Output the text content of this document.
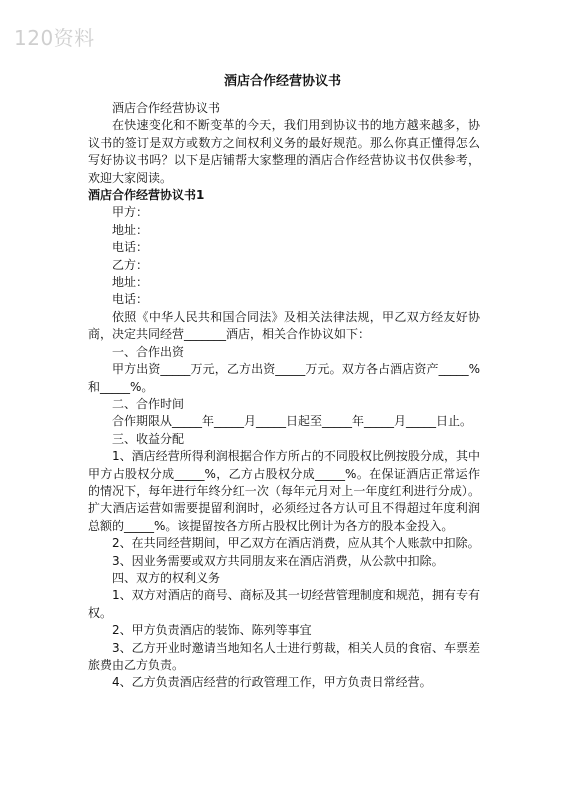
120资料
酒店合作经营协议书

酒店合作经营协议书

在快速变化和不断变革的今天，我们用到协议书的地方越来越多，协议书的签订是双方或数方之间权利义务的最好规范。那么你真正懂得怎么写好协议书吗？以下是店铺帮大家整理的酒店合作经营协议书仅供参考，欢迎大家阅读。

酒店合作经营协议书1

甲方：

地址：

电话：

乙方：

地址：

电话：

依照《中华人民共和国合同法》及相关法律法规，甲乙双方经友好协商，决定共同经营_______酒店，相关合作协议如下：

一、合作出资

甲方出资_____万元，乙方出资_____万元。双方各占酒店资产_____%和_____%。

二、合作时间

合作期限从_____年_____月_____日起至_____年_____月_____日止。

三、收益分配

1、酒店经营所得利润根据合作方所占的不同股权比例按股分成，其中甲方占股权分成_____%，乙方占股权分成_____%。在保证酒店正常运作的情况下，每年进行年终分红一次（每年元月对上一年度红利进行分成）。扩大酒店运营如需要提留利润时，必须经过各方认可且不得超过年度利润总额的_____%。该提留按各方所占股权比例计为各方的股本金投入。

2、在共同经营期间，甲乙双方在酒店消费，应从其个人账款中扣除。

3、因业务需要或双方共同朋友来在酒店消费，从公款中扣除。

四、双方的权利义务

1、双方对酒店的商号、商标及其一切经营管理制度和规范，拥有专有权。

2、甲方负责酒店的装饰、陈列等事宜

3、乙方开业时邀请当地知名人士进行剪裁，相关人员的食宿、车票差旅费由乙方负责。

4、乙方负责酒店经营的行政管理工作，甲方负责日常经营。
